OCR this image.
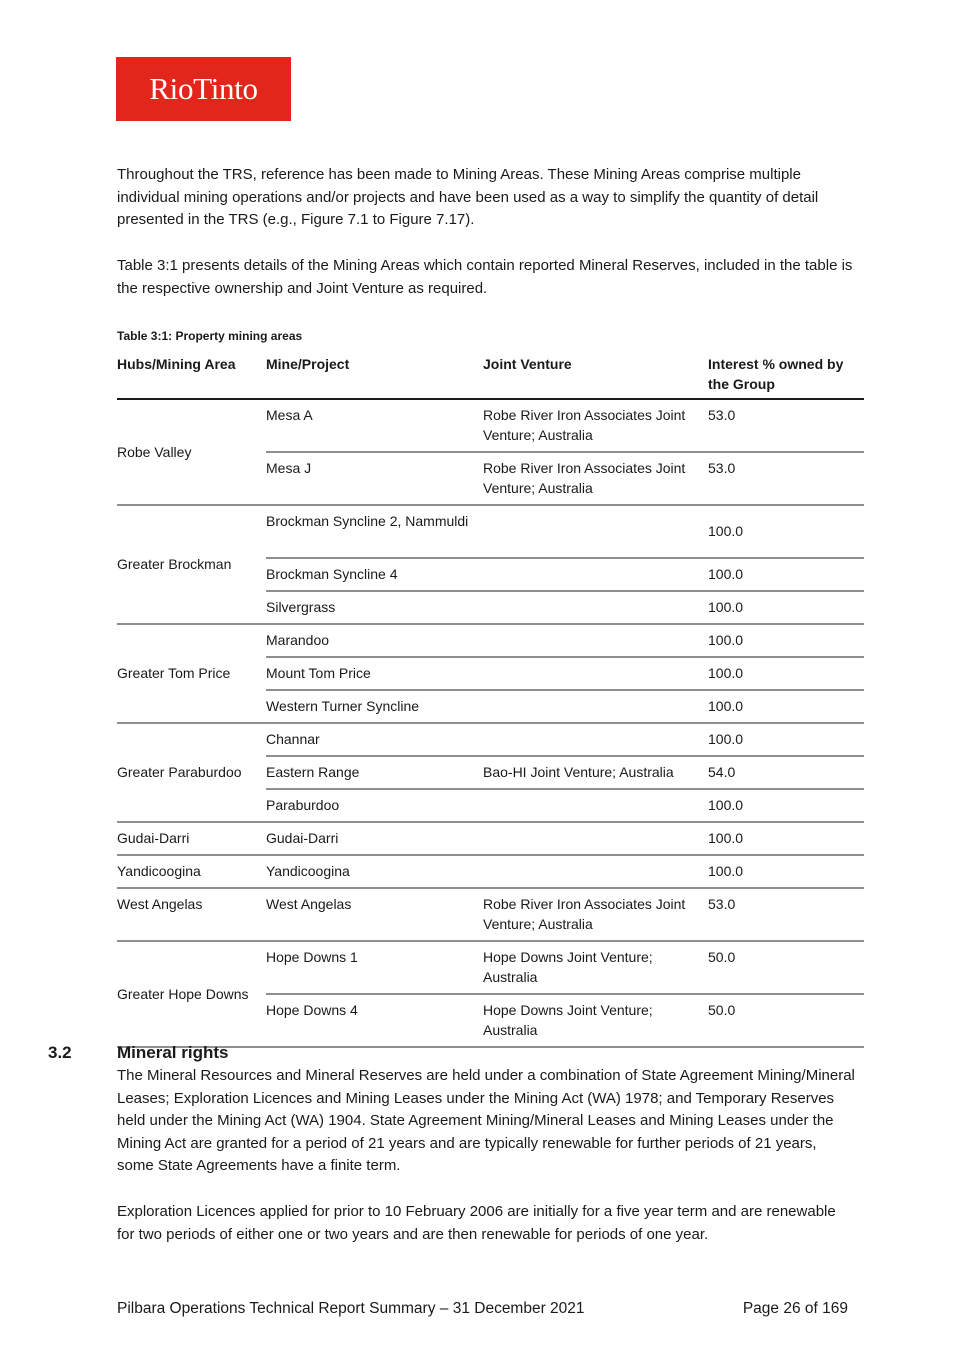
RioTinto

Throughout the TRS, reference has been made to Mining Areas. These Mining Areas comprise multiple individual mining operations and/or projects and have been used as a way to simplify the quantity of detail presented in the TRS (e.g., Figure 7.1 to Figure 7.17).

Table 3:1 presents details of the Mining Areas which contain reported Mineral Reserves, included in the table is the respective ownership and Joint Venture as required.

Table 3:1: Property mining areas

Hubs/Mining Area	Mine/Project	Joint Venture	Interest % owned by the Group
Robe Valley	Mesa A	Robe River Iron Associates Joint Venture; Australia	53.0
	Mesa J	Robe River Iron Associates Joint Venture; Australia	53.0
Greater Brockman	Brockman Syncline 2, Nammuldi		100.0
	Brockman Syncline 4		100.0
	Silvergrass		100.0
Greater Tom Price	Marandoo		100.0
	Mount Tom Price		100.0
	Western Turner Syncline		100.0
Greater Paraburdoo	Channar		100.0
	Eastern Range	Bao-HI Joint Venture; Australia	54.0
	Paraburdoo		100.0
Gudai-Darri	Gudai-Darri		100.0
Yandicoogina	Yandicoogina		100.0
West Angelas	West Angelas	Robe River Iron Associates Joint Venture; Australia	53.0
Greater Hope Downs	Hope Downs 1	Hope Downs Joint Venture; Australia	50.0
	Hope Downs 4	Hope Downs Joint Venture; Australia	50.0

3.2	Mineral rights

The Mineral Resources and Mineral Reserves are held under a combination of State Agreement Mining/Mineral Leases; Exploration Licences and Mining Leases under the Mining Act (WA) 1978; and Temporary Reserves held under the Mining Act (WA) 1904. State Agreement Mining/Mineral Leases and Mining Leases under the Mining Act are granted for a period of 21 years and are typically renewable for further periods of 21 years, some State Agreements have a finite term.

Exploration Licences applied for prior to 10 February 2006 are initially for a five year term and are renewable for two periods of either one or two years and are then renewable for periods of one year.

Pilbara Operations Technical Report Summary – 31 December 2021	Page 26 of 169
